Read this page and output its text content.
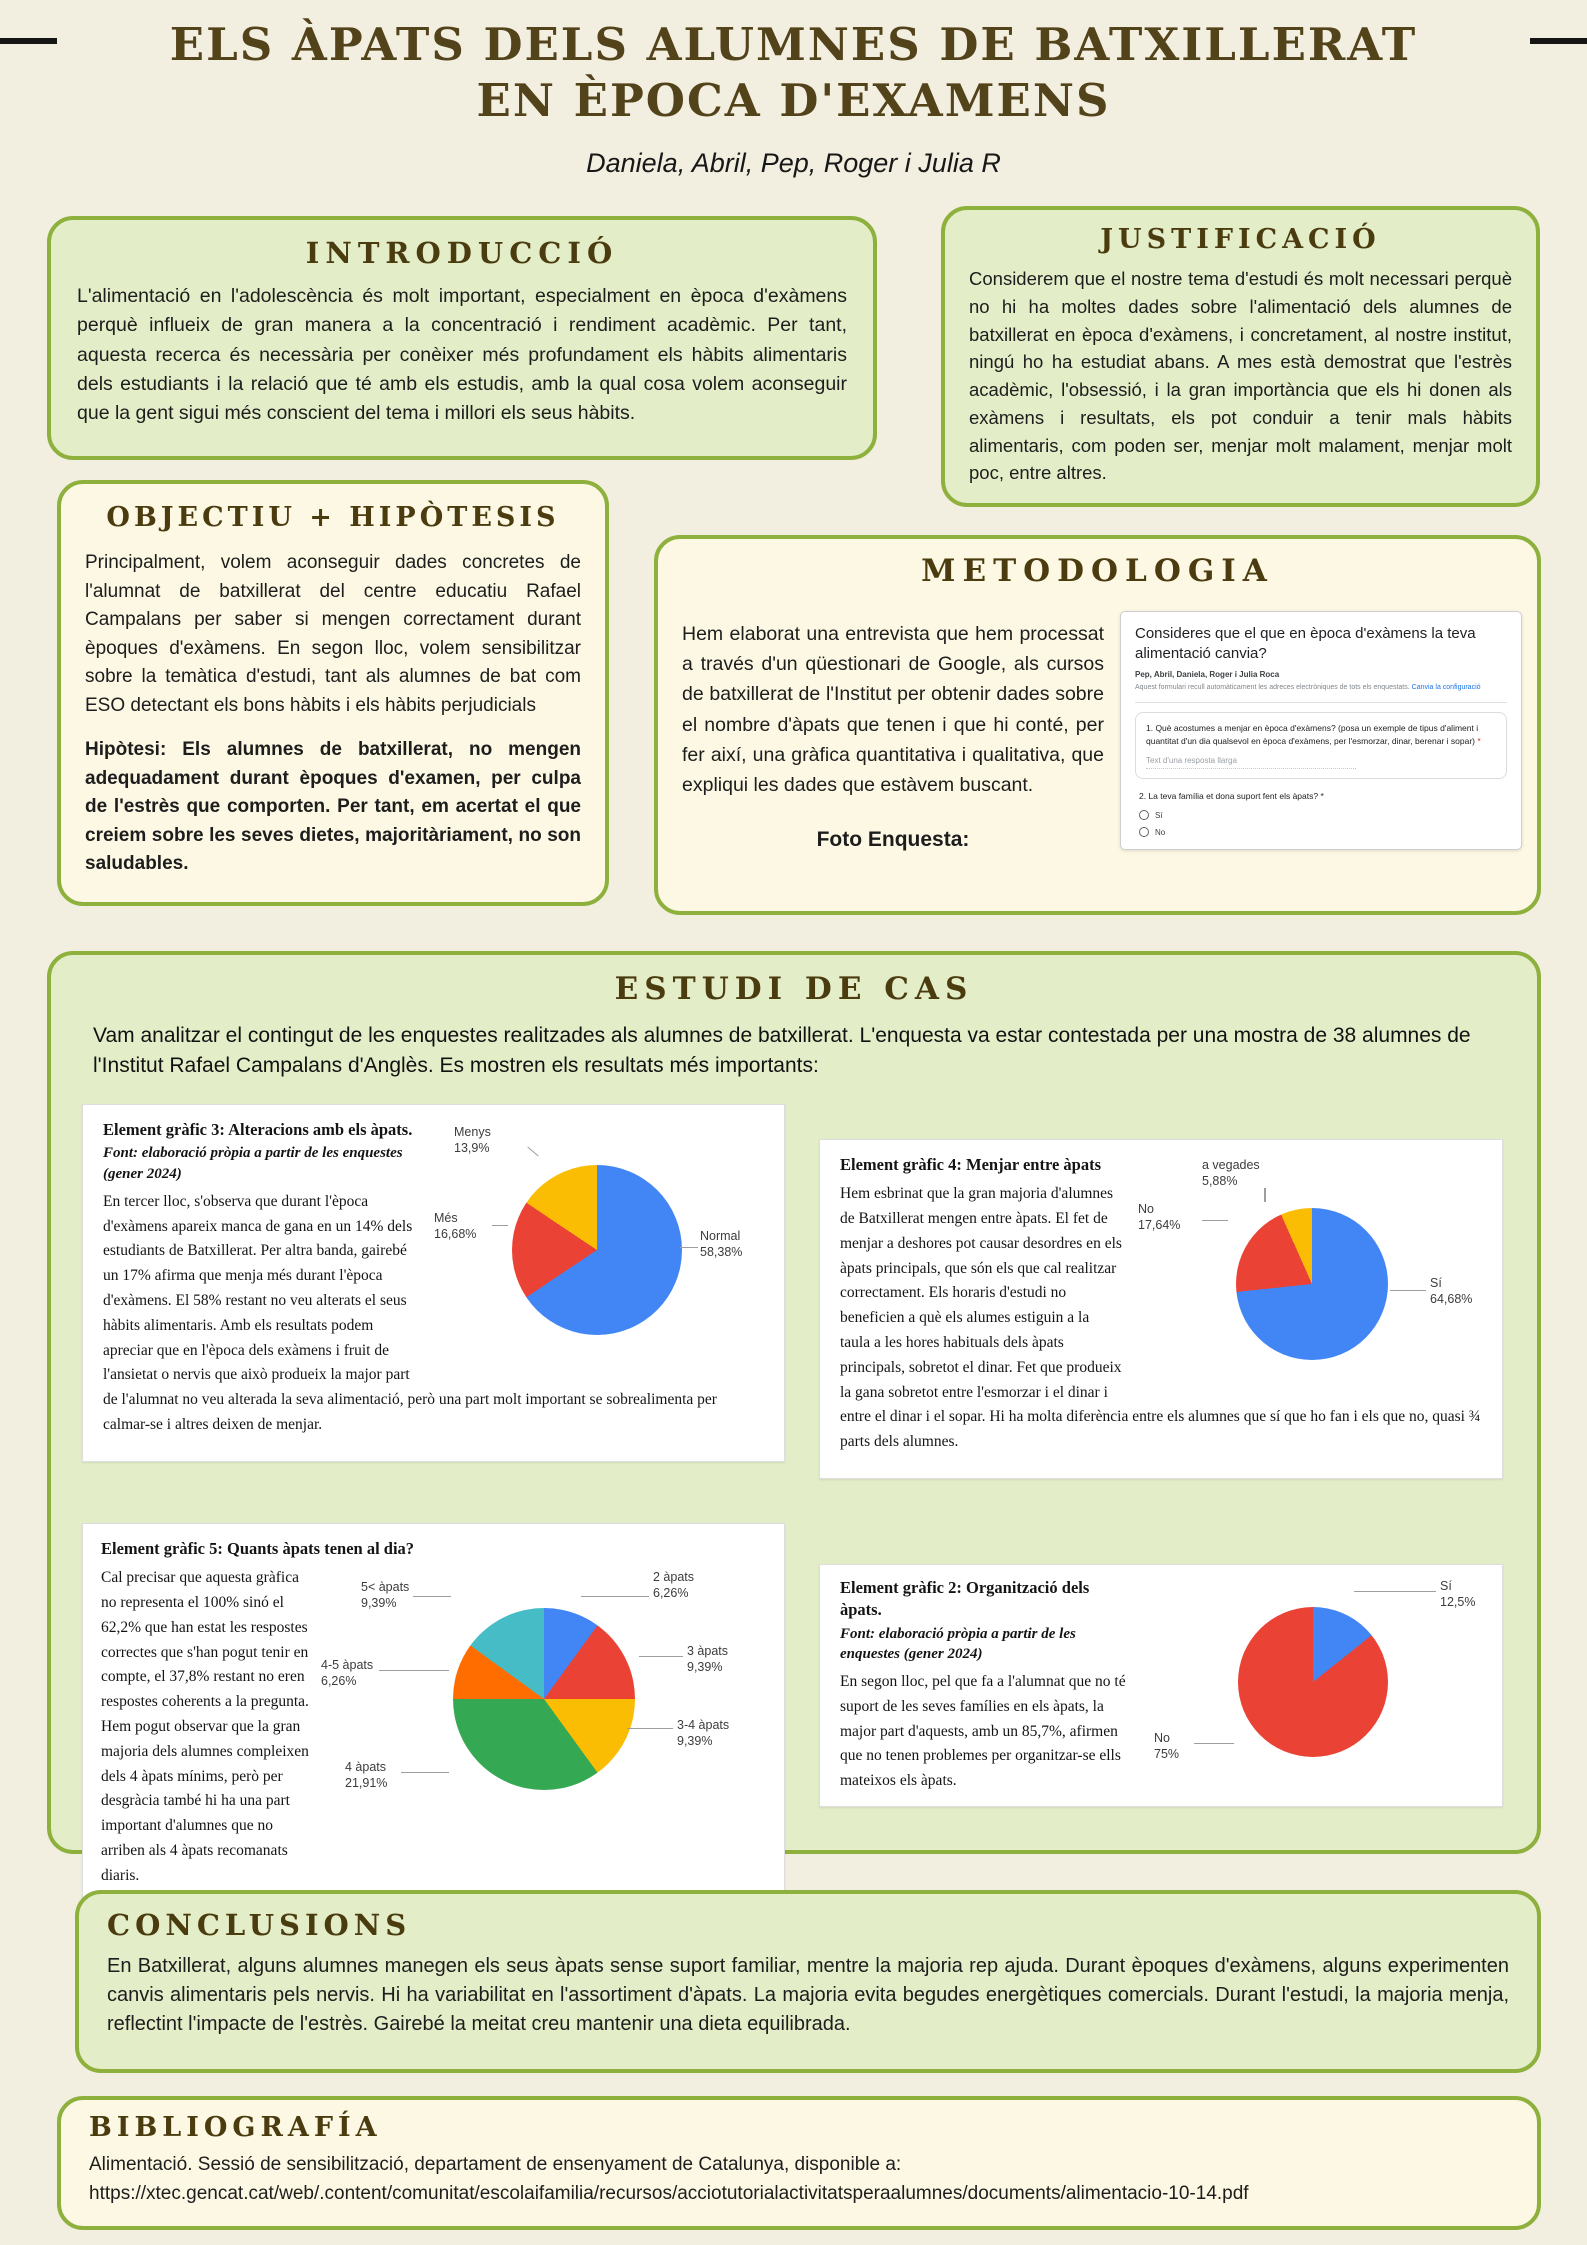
ELS ÀPATS DELS ALUMNES DE BATXILLERAT
EN ÈPOCA D'EXAMENS
Daniela, Abril, Pep, Roger i Julia R
INTRODUCCIÓ

L'alimentació en l'adolescència és molt important, especialment en època d'exàmens perquè influeix de gran manera a la concentració i rendiment acadèmic. Per tant, aquesta recerca és necessària per conèixer més profundament els hàbits alimentaris dels estudiants i la relació que té amb els estudis, amb la qual cosa volem aconseguir que la gent sigui més conscient del tema i millori els seus hàbits.

JUSTIFICACIÓ

Considerem que el nostre tema d'estudi és molt necessari perquè no hi ha moltes dades sobre l'alimentació dels alumnes de batxillerat en època d'exàmens, i concretament, al nostre institut, ningú ho ha estudiat abans. A mes està demostrat que l'estrès acadèmic, l'obsessió, i la gran importància que els hi donen als exàmens i resultats, els pot conduir a tenir mals hàbits alimentaris, com poden ser, menjar molt malament, menjar molt poc, entre altres.

OBJECTIU + HIPÒTESIS

Principalment, volem aconseguir dades concretes de l'alumnat de batxillerat del centre educatiu Rafael Campalans per saber si mengen correctament durant èpoques d'exàmens. En segon lloc, volem sensibilitzar sobre la temàtica d'estudi, tant als alumnes de bat com ESO detectant els bons hàbits i els hàbits perjudicials

Hipòtesi: Els alumnes de batxillerat, no mengen adequadament durant èpoques d'examen, per culpa de l'estrès que comporten. Per tant, em acertat el que creiem sobre les seves dietes, majoritàriament, no son saludables.

METODOLOGIA

Hem elaborat una entrevista que hem processat a través d'un qüestionari de Google, als cursos de batxillerat de l'Institut per obtenir dades sobre el nombre d'àpats que tenen i que hi conté, per fer així, una gràfica quantitativa i qualitativa, que expliqui les dades que estàvem buscant.

Foto Enquesta:
Consideres que el que en època d'exàmens la teva alimentació canvia?
Pep, Abril, Daniela, Roger i Julia Roca
Aquest formulari recull automàticament les adreces electròniques de tots els enquestats. Canvia la configuració
1. Què acostumes a menjar en època d'exàmens? (posa un exemple de tipus d'aliment i quantitat d'un dia qualsevol en època d'exàmens, per l'esmorzar, dinar, berenar i sopar) *
Text d'una resposta llarga
2. La teva família et dona suport fent els àpats? *
Sí
No
ESTUDI DE CAS

Vam analitzar el contingut de les enquestes realitzades als alumnes de batxillerat. L'enquesta va estar contestada per una mostra de 38 alumnes de l'Institut Rafael Campalans d'Anglès. Es mostren els resultats més importants:

Menys
13,9%
Més
16,68%	Normal
58,38%
Element gràfic 3: Alteracions amb els àpats.
Font: elaboració pròpia a partir de les enquestes (gener 2024)

En tercer lloc, s'observa que durant l'època d'exàmens apareix manca de gana en un 14% dels estudiants de Batxillerat. Per altra banda, gairebé un 17% afirma que menja més durant l'època d'exàmens. El 58% restant no veu alterats el seus hàbits alimentaris. Amb els resultats podem apreciar que en l'època dels exàmens i fruit de l'ansietat o nervis que això produeix la major part de l'alumnat no veu alterada la seva alimentació, però una part molt important se sobrealimenta per calmar-se i altres deixen de menjar.

a vegades
5,88%
No
17,64%
Sí
64,68%
Element gràfic 4: Menjar entre àpats

Hem esbrinat que la gran majoria d'alumnes de Batxillerat mengen entre àpats. El fet de menjar a deshores pot causar desordres en els àpats principals, que són els que cal realitzar correctament. Els horaris d'estudi no beneficien a què els alumes estiguin a la taula a les hores habituals dels àpats principals, sobretot el dinar. Fet que produeix la gana sobretot entre l'esmorzar i el dinar i entre el dinar i el sopar. Hi ha molta diferència entre els alumnes que sí que ho fan i els que no, quasi ¾ parts dels alumnes.

Element gràfic 5: Quants àpats tenen al dia?
5< àpats
9,39%
4-5 àpats
6,26%
4 àpats
21,91%
2 àpats
6,26%
3 àpats
9,39%
3-4 àpats
9,39%

Cal precisar que aquesta gràfica no representa el 100% sinó el 62,2% que han estat les respostes correctes que s'han pogut tenir en compte, el 37,8% restant no eren respostes coherents a la pregunta. Hem pogut observar que la gran majoria dels alumnes compleixen dels 4 àpats mínims, però per desgràcia també hi ha una part important d'alumnes que no arriben als 4 àpats recomanats diaris.

Sí
12,5%
No
75%
Element gràfic 2: Organització dels àpats.
Font: elaboració pròpia a partir de les enquestes (gener 2024)

En segon lloc, pel que fa a l'alumnat que no té suport de les seves famílies en els àpats, la major part d'aquests, amb un 85,7%, afirmen que no tenen problemes per organitzar-se ells mateixos els àpats.

CONCLUSIONS

En Batxillerat, alguns alumnes manegen els seus àpats sense suport familiar, mentre la majoria rep ajuda. Durant èpoques d'exàmens, alguns experimenten canvis alimentaris pels nervis. Hi ha variabilitat en l'assortiment d'àpats. La majoria evita begudes energètiques comercials. Durant l'estudi, la majoria menja, reflectint l'impacte de l'estrès. Gairebé la meitat creu mantenir una dieta equilibrada.

BIBLIOGRAFÍA
Alimentació. Sessió de sensibilització, departament de ensenyament de Catalunya, disponible a:
https://xtec.gencat.cat/web/.content/comunitat/escolaifamilia/recursos/acciotutorialactivitatsperaalumnes/documents/alimentacio-10-14.pdf
